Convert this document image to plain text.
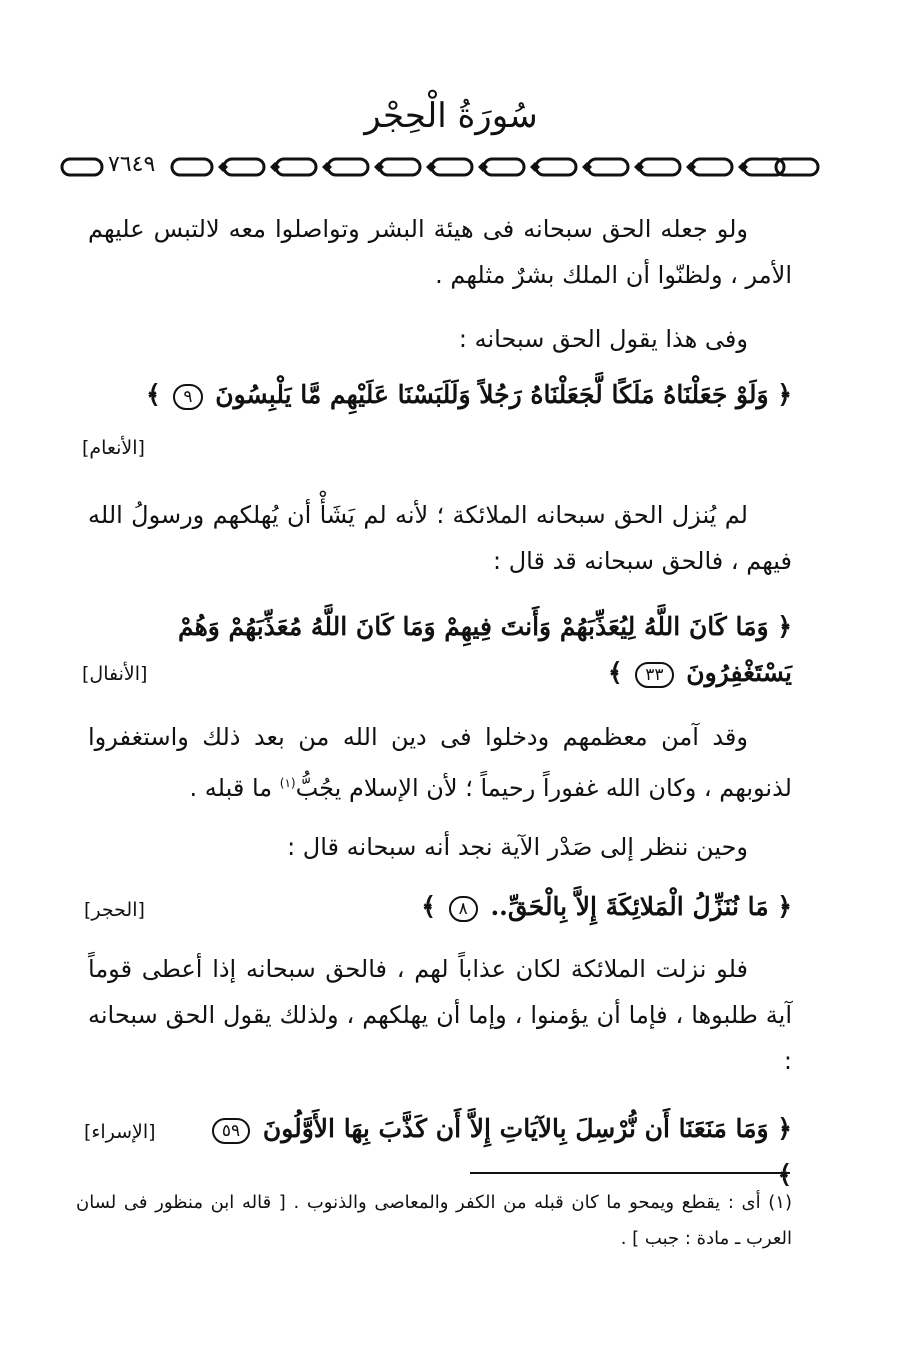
سُورَةُ الْحِجْر
٧٦٤٩
ولو جعله الحق سبحانه فى هيئة البشر وتواصلوا معه لالتبس عليهم الأمر ، ولظنّوا أن الملك بشرٌ مثلهم .
وفى هذا يقول الحق سبحانه :
﴿ وَلَوْ جَعَلْنَاهُ مَلَكًا لَّجَعَلْنَاهُ رَجُلاً وَلَلَبَسْنَا عَلَيْهِم مَّا يَلْبِسُونَ ٩ ﴾
[الأنعام]
لم يُنزل الحق سبحانه الملائكة ؛ لأنه لم يَشَأْ أن يُهلكهم ورسولُ الله فيهم ، فالحق سبحانه قد قال :
﴿ وَمَا كَانَ اللَّهُ لِيُعَذِّبَهُمْ وَأَنتَ فِيهِمْ وَمَا كَانَ اللَّهُ مُعَذِّبَهُمْ وَهُمْ يَسْتَغْفِرُونَ ٣٣ ﴾
[الأنفال]
وقد آمن معظمهم ودخلوا فى دين الله من بعد ذلك واستغفروا لذنوبهم ، وكان الله غفوراً رحيماً ؛ لأن الإسلام يجُبُّ$^{(١)}$ ما قبله .
وحين ننظر إلى صَدْر الآية نجد أنه سبحانه قال :
﴿ مَا نُنَزِّلُ الْمَلائِكَةَ إِلاَّ بِالْحَقِّ.. ٨ ﴾
[الحجر]
فلو نزلت الملائكة لكان عذاباً لهم ، فالحق سبحانه إذا أعطى قوماً آية طلبوها ، فإما أن يؤمنوا ، وإما أن يهلكهم ، ولذلك يقول الحق سبحانه :
﴿ وَمَا مَنَعَنَا أَن نُّرْسِلَ بِالآيَاتِ إِلاَّ أَن كَذَّبَ بِهَا الأَوَّلُونَ ٥٩ ﴾
[الإسراء]
(١) أى : يقطع ويمحو ما كان قبله من الكفر والمعاصى والذنوب . [ قاله ابن منظور فى لسان العرب ـ مادة : جبب ] .
